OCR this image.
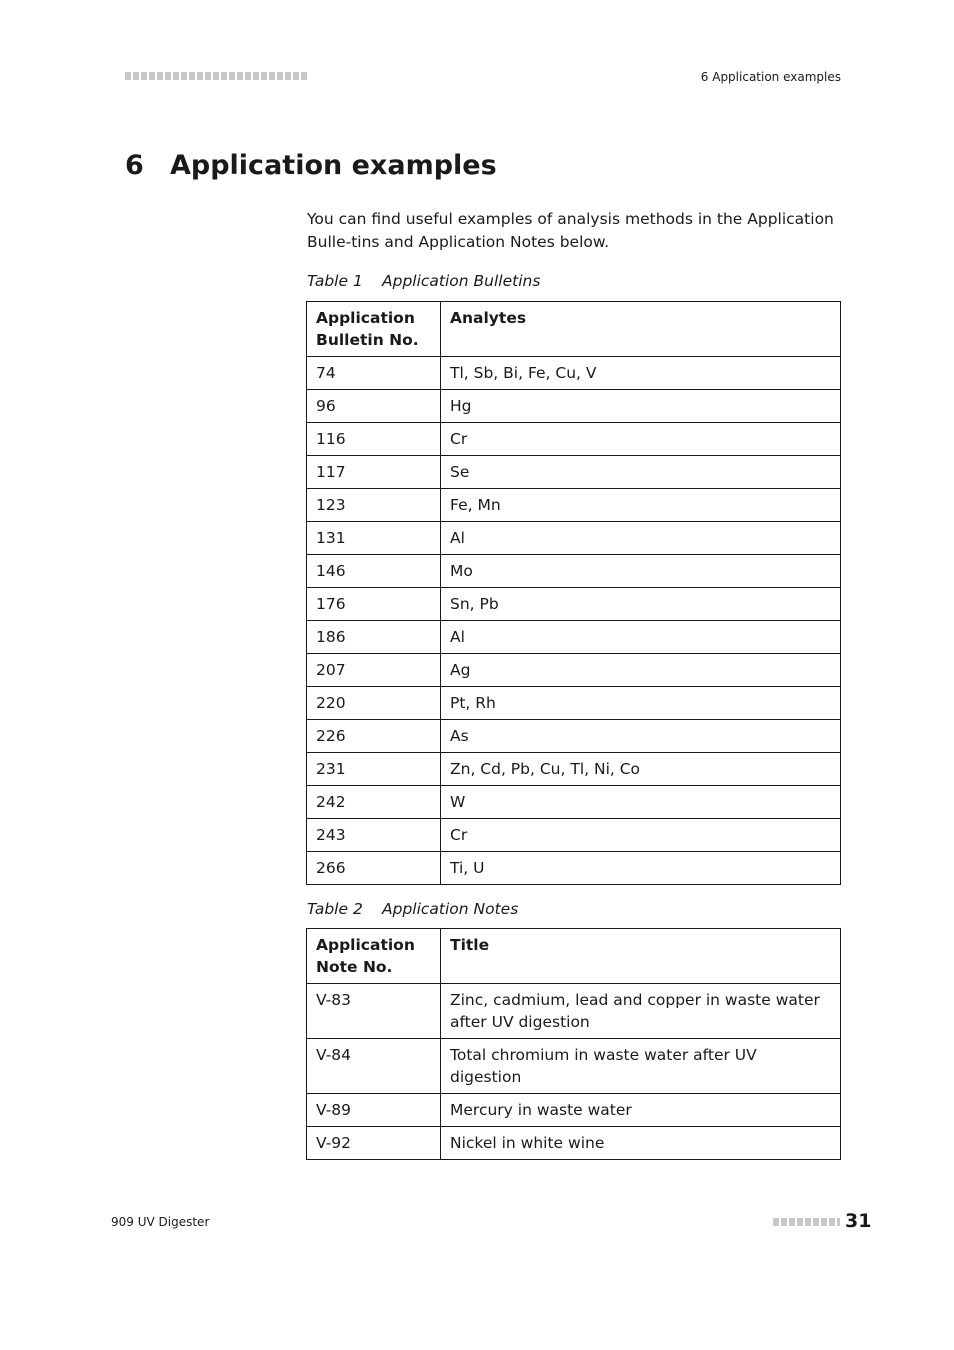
6 Application examples
6 Application examples

You can find useful examples of analysis methods in the Application Bulle-tins and Application Notes below.

Table 1 Application Bulletins

Application Bulletin No.	Analytes
74	Tl, Sb, Bi, Fe, Cu, V
96	Hg
116	Cr
117	Se
123	Fe, Mn
131	Al
146	Mo
176	Sn, Pb
186	Al
207	Ag
220	Pt, Rh
226	As
231	Zn, Cd, Pb, Cu, Tl, Ni, Co
242	W
243	Cr
266	Ti, U

Table 2 Application Notes

Application Note No.	Title
V-83	Zinc, cadmium, lead and copper in waste water after UV digestion
V-84	Total chromium in waste water after UV digestion
V-89	Mercury in waste water
V-92	Nickel in white wine
909 UV Digester	31
